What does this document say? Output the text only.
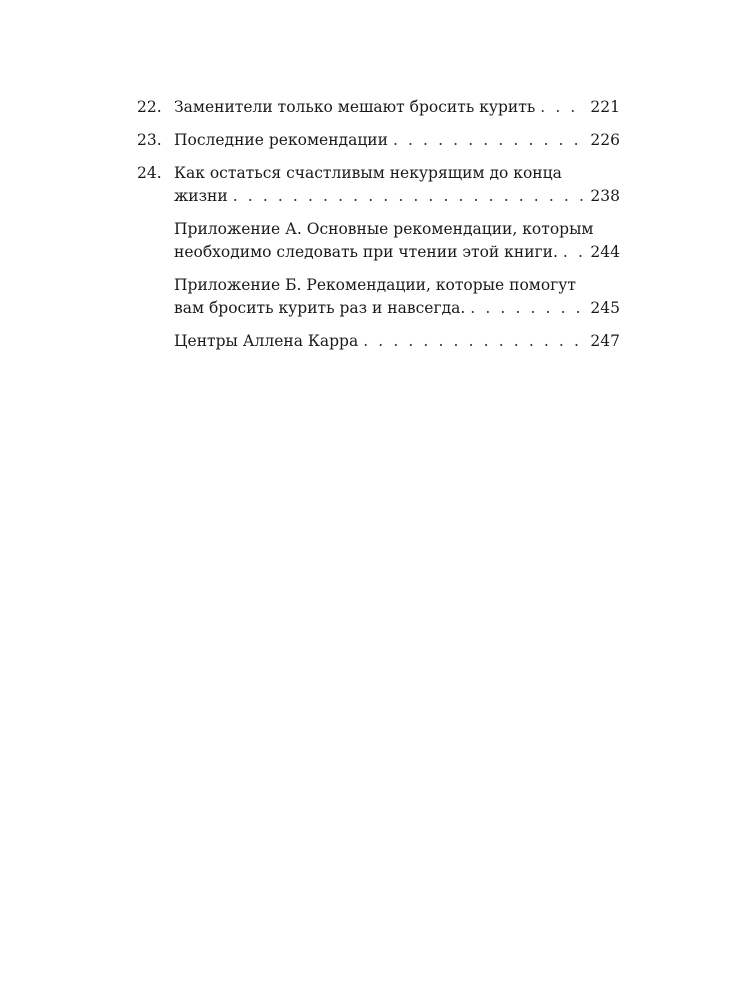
22. Заменители только мешают бросить курить . . .	221
23. Последние рекомендации . . .	226
24. Как остаться счастливым некурящим до конца
жизни . . .	238
Приложение А. Основные рекомендации, которым
необходимо следовать при чтении этой книги. . . . 244
Приложение Б. Рекомендации, которые помогут
вам бросить курить раз и навсегда. . . .	245
Центры Аллена Карра . . .	247
